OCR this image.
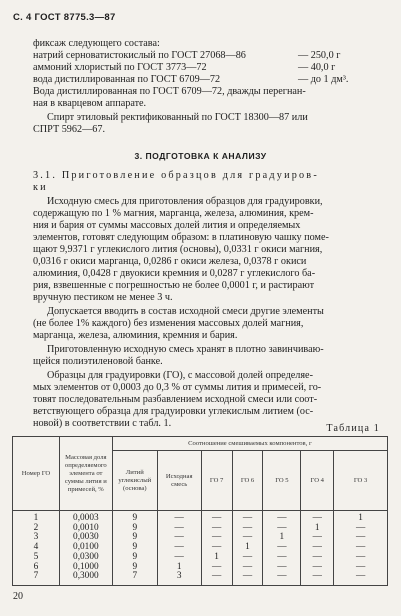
С. 4 ГОСТ 8775.3—87
фиксаж следующего состава:
натрий серноватистокислый по ГОСТ 27068—86	— 250,0 г
аммоний хлористый по ГОСТ 3773—72	— 40,0 г
вода дистиллированная по ГОСТ 6709—72	— до 1 дм³.
Вода дистиллированная по ГОСТ 6709—72, дважды перегнан-
ная в кварцевом аппарате.
Спирт этиловый ректификованный по ГОСТ 18300—87 или
СПРТ 5962—67.
3. ПОДГОТОВКА К АНАЛИЗУ
3.1. Приготовление образцов для градуиров-
ки
Исходную смесь для приготовления образцов для градуировки,
содержащую по 1 % магния, марганца, железа, алюминия, крем-
ния и бария от суммы массовых долей лития и определяемых
элементов, готовят следующим образом: в платиновую чашку поме-
щают 9,9371 г углекислого лития (основы), 0,0331 г окиси магния,
0,0316 г окиси марганца, 0,0286 г окиси железа, 0,0378 г окиси
алюминия, 0,0428 г двуокиси кремния и 0,0287 г углекислого ба-
рия, взвешенные с погрешностью не более 0,0001 г, и растирают
вручную пестиком не менее 3 ч.
Допускается вводить в состав исходной смеси другие элементы
(не более 1% каждого) без изменения массовых долей магния,
марганца, железа, алюминия, кремния и бария.
Приготовленную исходную смесь хранят в плотно завинчиваю-
щейся полиэтиленовой банке.
Образцы для градуировки (ГО), с массовой долей определяе-
мых элементов от 0,0003 до 0,3 % от суммы лития и примесей, го-
товят последовательным разбавлением исходной смеси или соот-
ветствующего образца для градуировки углекислым литием (ос-
новой) в соответствии с табл. 1.	Таблица 1
Номер ГО	Массовая доля определяемого элемента от суммы лития и примесей, %	Соотношение смешиваемых компонентов, г						
		Литий углекислый (основа)	Исходная смесь	ГО 7	ГО 6	ГО 5	ГО 4	ГО 3
1	0,0003	9	—	—	—	—	—	1
2	0,0010	9	—	—	—	—	1	—
3	0,0030	9	—	—	—	1	—	—
4	0,0100	9	—	—	1	—	—	—
5	0,0300	9	—	1	—	—	—	—
6	0,1000	9	1	—	—	—	—	—
7	0,3000	7	3	—	—	—	—	—
20
